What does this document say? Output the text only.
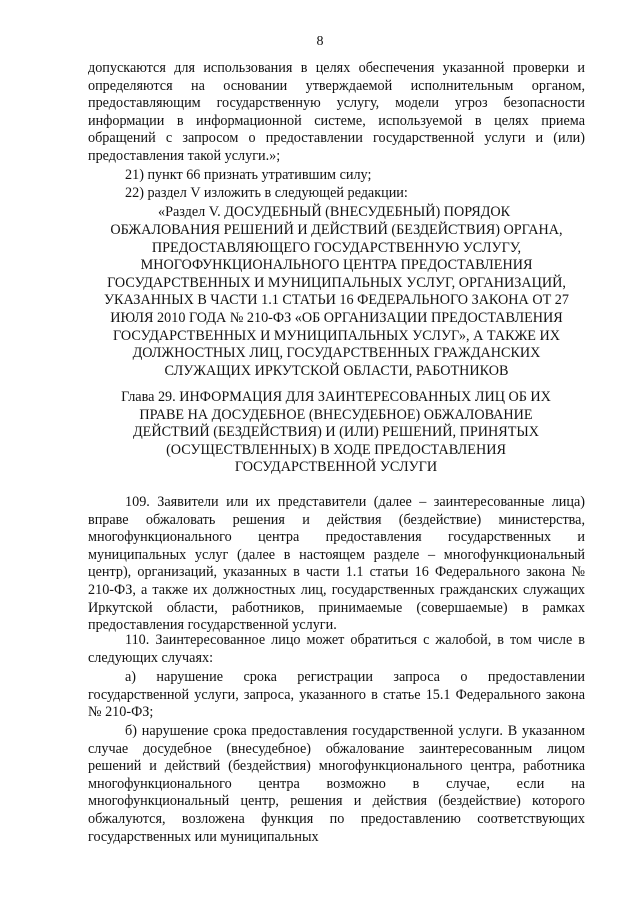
8

допускаются для использования в целях обеспечения указанной проверки и определяются на основании утверждаемой исполнительным органом, предоставляющим государственную услугу, модели угроз безопасности информации в информационной системе, используемой в целях приема обращений с запросом о предоставлении государственной услуги и (или) предоставления такой услуги.»;

21) пункт 66 признать утратившим силу;

22) раздел V изложить в следующей редакции:

«Раздел V. ДОСУДЕБНЫЙ (ВНЕСУДЕБНЫЙ) ПОРЯДОК

ОБЖАЛОВАНИЯ РЕШЕНИЙ И ДЕЙСТВИЙ (БЕЗДЕЙСТВИЯ) ОРГАНА, ПРЕДОСТАВЛЯЮЩЕГО ГОСУДАРСТВЕННУЮ УСЛУГУ, МНОГОФУНКЦИОНАЛЬНОГО ЦЕНТРА ПРЕДОСТАВЛЕНИЯ ГОСУДАРСТВЕННЫХ И МУНИЦИПАЛЬНЫХ УСЛУГ, ОРГАНИЗАЦИЙ, УКАЗАННЫХ В ЧАСТИ 1.1 СТАТЬИ 16 ФЕДЕРАЛЬНОГО ЗАКОНА ОТ 27 ИЮЛЯ 2010 ГОДА № 210-ФЗ «ОБ ОРГАНИЗАЦИИ ПРЕДОСТАВЛЕНИЯ ГОСУДАРСТВЕННЫХ И МУНИЦИПАЛЬНЫХ УСЛУГ», А ТАКЖЕ ИХ ДОЛЖНОСТНЫХ ЛИЦ, ГОСУДАРСТВЕННЫХ ГРАЖДАНСКИХ СЛУЖАЩИХ ИРКУТСКОЙ ОБЛАСТИ, РАБОТНИКОВ

Глава 29. ИНФОРМАЦИЯ ДЛЯ ЗАИНТЕРЕСОВАННЫХ ЛИЦ ОБ ИХ ПРАВЕ НА ДОСУДЕБНОЕ (ВНЕСУДЕБНОЕ) ОБЖАЛОВАНИЕ ДЕЙСТВИЙ (БЕЗДЕЙСТВИЯ) И (ИЛИ) РЕШЕНИЙ, ПРИНЯТЫХ (ОСУЩЕСТВЛЕННЫХ) В ХОДЕ ПРЕДОСТАВЛЕНИЯ ГОСУДАРСТВЕННОЙ УСЛУГИ

109. Заявители или их представители (далее – заинтересованные лица) вправе обжаловать решения и действия (бездействие) министерства, многофункционального центра предоставления государственных и муниципальных услуг (далее в настоящем разделе – многофункциональный центр), организаций, указанных в части 1.1 статьи 16 Федерального закона № 210-ФЗ, а также их должностных лиц, государственных гражданских служащих Иркутской области, работников, принимаемые (совершаемые) в рамках предоставления государственной услуги.

110. Заинтересованное лицо может обратиться с жалобой, в том числе в следующих случаях:

а) нарушение срока регистрации запроса о предоставлении государственной услуги, запроса, указанного в статье 15.1 Федерального закона № 210-ФЗ;

б) нарушение срока предоставления государственной услуги. В указанном случае досудебное (внесудебное) обжалование заинтересованным лицом решений и действий (бездействия) многофункционального центра, работника многофункционального центра возможно в случае, если на многофункциональный центр, решения и действия (бездействие) которого обжалуются, возложена функция по предоставлению соответствующих государственных или муниципальных
